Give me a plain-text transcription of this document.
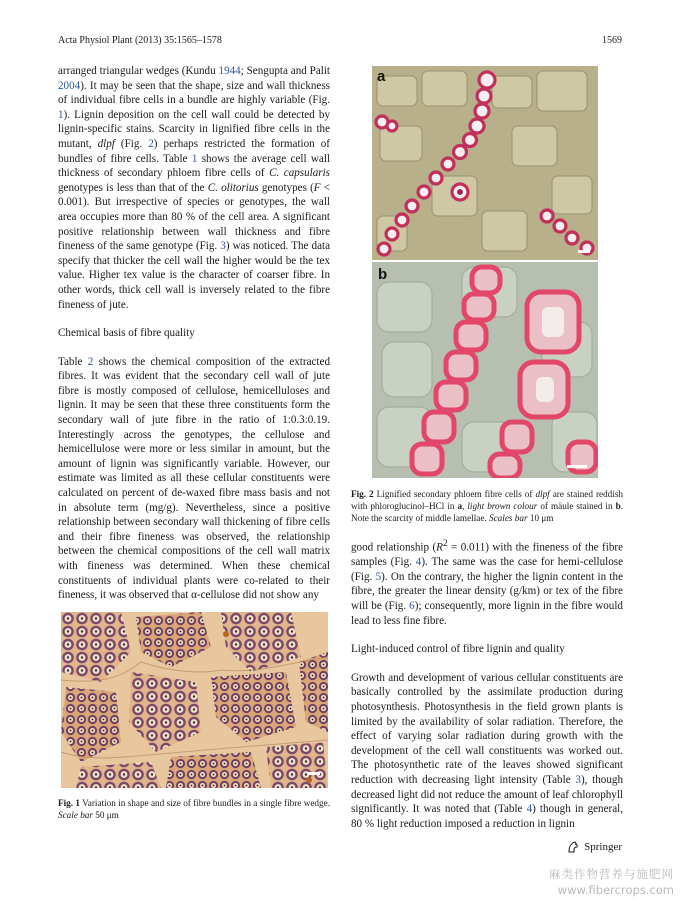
Acta Physiol Plant (2013) 35:1565–1578	1569

arranged triangular wedges (Kundu 1944; Sengupta and Palit 2004). It may be seen that the shape, size and wall thickness of individual fibre cells in a bundle are highly variable (Fig. 1). Lignin deposition on the cell wall could be detected by lignin-specific stains. Scarcity in lignified fibre cells in the mutant, dlpf (Fig. 2) perhaps restricted the formation of bundles of fibre cells. Table 1 shows the average cell wall thickness of secondary phloem fibre cells of C. capsularis genotypes is less than that of the C. olitorius genotypes (F < 0.001). But irrespective of species or genotypes, the wall area occupies more than 80 % of the cell area. A significant positive relationship between wall thickness and fibre fineness of the same genotype (Fig. 3) was noticed. The data specify that thicker the cell wall the higher would be the tex value. Higher tex value is the character of coarser fibre. In other words, thick cell wall is inversely related to the fibre fineness of jute.

Chemical basis of fibre quality

Table 2 shows the chemical composition of the extracted fibres. It was evident that the secondary cell wall of jute fibre is mostly composed of cellulose, hemicelluloses and lignin. It may be seen that these three constituents form the secondary wall of jute fibre in the ratio of 1:0.3:0.19. Interestingly across the genotypes, the cellulose and hemicellulose were more or less similar in amount, but the amount of lignin was significantly variable. However, our estimate was limited as all these cellular constituents were calculated on percent of de-waxed fibre mass basis and not in absolute term (mg/g). Nevertheless, since a positive relationship between secondary wall thickening of fibre cells and their fibre fineness was observed, the relationship between the chemical compositions of the cell wall matrix with fineness was determined. When these chemical constituents of individual plants were co-related to their fineness, it was observed that α-cellulose did not show any

Fig. 1 Variation in shape and size of fibre bundles in a single fibre wedge. Scale bar 50 μm
a
b
Fig. 2 Lignified secondary phloem fibre cells of dlpf are stained reddish with phloroglucinol–HCl in a, light brown colour of mäule stained in b. Note the scarcity of middle lamellae. Scales bar 10 μm

good relationship $(R^2 = 0.011)$ with the fineness of the fibre samples (Fig. 4). The same was the case for hemi-cellulose (Fig. 5). On the contrary, the higher the lignin content in the fibre, the greater the linear density (g/km) or tex of the fibre will be (Fig. 6); consequently, more lignin in the fibre would lead to less fine fibre.

Light-induced control of fibre lignin and quality

Growth and development of various cellular constituents are basically controlled by the assimilate production during photosynthesis. Photosynthesis in the field grown plants is limited by the availability of solar radiation. Therefore, the effect of varying solar radiation during growth with the development of the cell wall constituents was worked out. The photosynthetic rate of the leaves showed significant reduction with decreasing light intensity (Table 3), though decreased light did not reduce the amount of leaf chlorophyll significantly. It was noted that (Table 4) though in general, 80 % light reduction imposed a reduction in lignin

Springer
麻类作物营养与施肥网
www.fibercrops.com
